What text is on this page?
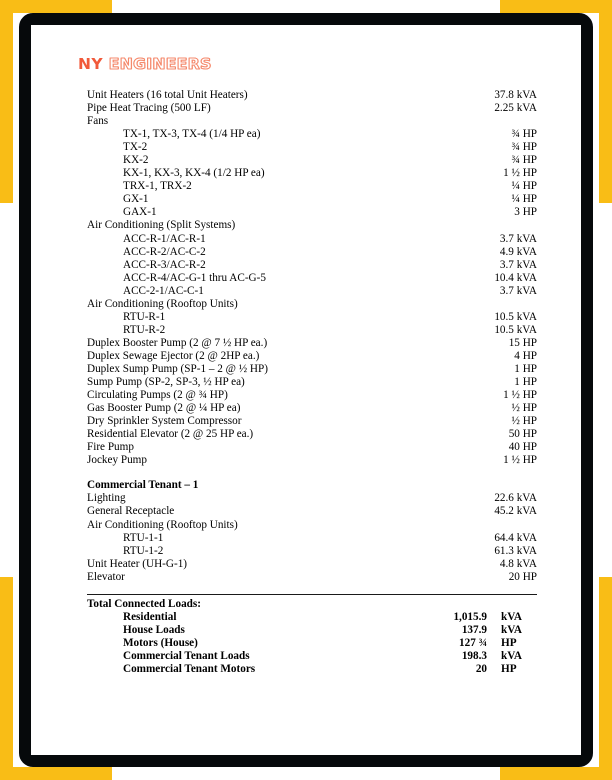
NY ENGINEERS
Unit Heaters (16 total Unit Heaters)	37.8 kVA
Pipe Heat Tracing (500 LF)	2.25 kVA
Fans
TX-1, TX-3, TX-4 (1/4 HP ea)	¾ HP
TX-2	¾ HP
KX-2	¾ HP
KX-1, KX-3, KX-4 (1/2 HP ea)	1 ½ HP
TRX-1, TRX-2	¼ HP
GX-1	¼ HP
GAX-1	3 HP
Air Conditioning (Split Systems)
ACC-R-1/AC-R-1	3.7 kVA
ACC-R-2/AC-C-2	4.9 kVA
ACC-R-3/AC-R-2	3.7 kVA
ACC-R-4/AC-G-1 thru AC-G-5	10.4 kVA
ACC-2-1/AC-C-1	3.7 kVA
Air Conditioning (Rooftop Units)
RTU-R-1	10.5 kVA
RTU-R-2	10.5 kVA
Duplex Booster Pump (2 @ 7 ½ HP ea.)	15 HP
Duplex Sewage Ejector (2 @ 2HP ea.)	4 HP
Duplex Sump Pump (SP-1 – 2 @ ½ HP)	1 HP
Sump Pump (SP-2, SP-3, ½ HP ea)	1 HP
Circulating Pumps (2 @ ¾ HP)	1 ½ HP
Gas Booster Pump (2 @ ¼ HP ea)	½ HP
Dry Sprinkler System Compressor	½ HP
Residential Elevator (2 @ 25 HP ea.)	50 HP
Fire Pump	40 HP
Jockey Pump	1 ½ HP
Commercial Tenant – 1
Lighting	22.6 kVA
General Receptacle	45.2 kVA
Air Conditioning (Rooftop Units)
RTU-1-1	64.4 kVA
RTU-1-2	61.3 kVA
Unit Heater (UH-G-1)	4.8 kVA
Elevator	20 HP
Total Connected Loads:
Residential	1,015.9 kVA
House Loads	137.9 kVA
Motors (House)	127 ¾ HP
Commercial Tenant Loads	198.3 kVA
Commercial Tenant Motors	20 HP
